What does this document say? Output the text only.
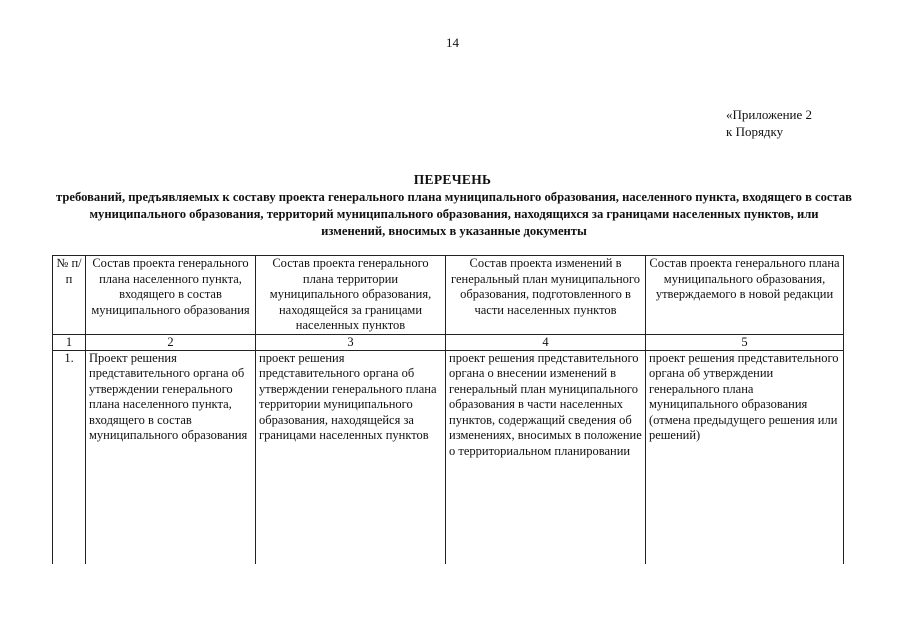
14
«Приложение 2
к Порядку
ПЕРЕЧЕНЬ
требований, предъявляемых к составу проекта генерального плана муниципального образования, населенного пункта, входящего в состав муниципального образования, территорий муниципального образования, находящихся за границами населенных пунктов, или изменений, вносимых в указанные документы
№ п/п	Состав проекта генерального плана населенного пункта, входящего в состав муниципального образования	Состав проекта генерального плана территории муниципального образования, находящейся за границами населенных пунктов	Состав проекта изменений в генеральный план муниципального образования, подготовленного в части населенных пунктов	Состав проекта генерального плана муниципального образования, утверждаемого в новой редакции
1	2	3	4	5
1.	Проект решения представительного органа об утверждении генерального плана населенного пункта, входящего в состав муниципального образования	проект решения представительного органа об утверждении генерального плана территории муниципального образования, находящейся за границами населенных пунктов	проект решения представительного органа о внесении изменений в генеральный план муниципального образования в части населенных пунктов, содержащий сведения об изменениях, вносимых в положение о территориальном планировании	проект решения представительного органа об утверждении генерального плана муниципального образования (отмена предыдущего решения или решений)
